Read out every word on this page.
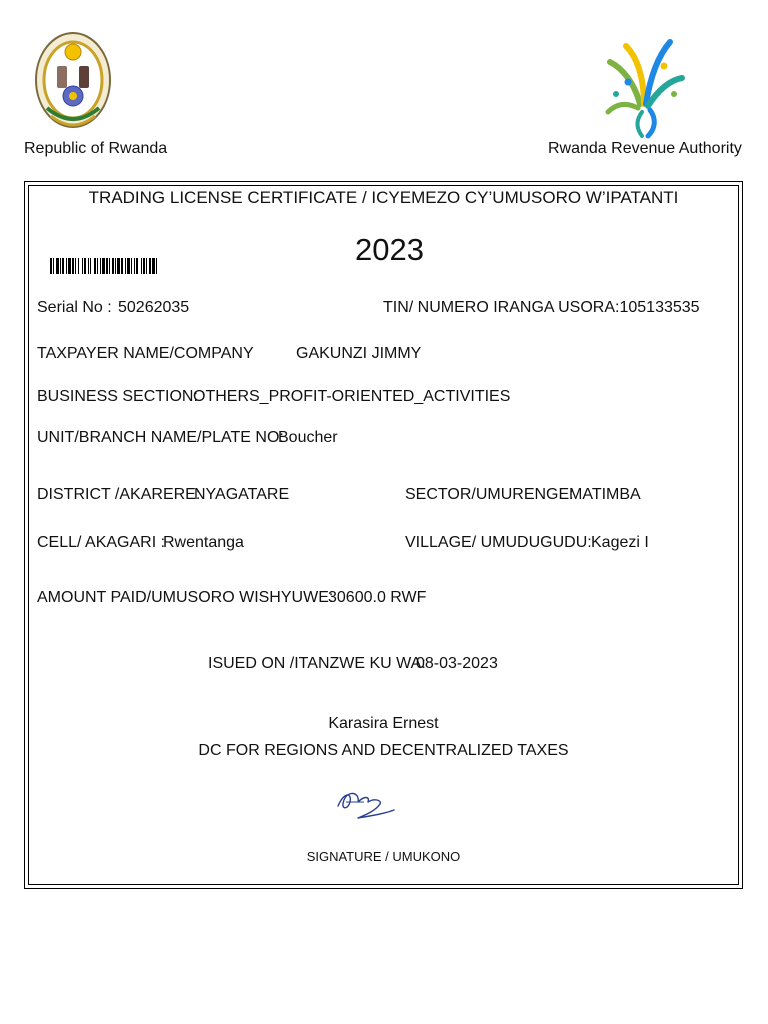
Republic of Rwanda	Rwanda Revenue Authority
TRADING LICENSE CERTIFICATE / ICYEMEZO CY’UMUSORO W’IPATANTI
2023
Serial No : 50262035	TIN/ NUMERO IRANGA USORA:105133535
TAXPAYER NAME/COMPANY	GAKUNZI JIMMY
BUSINESS SECTION:
OTHERS_PROFIT-ORIENTED_ACTIVITIES
UNIT/BRANCH NAME/PLATE NO:
Boucher
DISTRICT /AKARERE:
NYAGATARE	SECTOR/UMURENGE:
MATIMBA
CELL/ AKAGARI :
Rwentanga	VILLAGE/ UMUDUGUDU: Kagezi I
AMOUNT PAID/UMUSORO WISHYUWE:
30600.0 RWF
ISUED ON /ITANZWE KU WA:
08-03-2023
Karasira Ernest
DC FOR REGIONS AND DECENTRALIZED TAXES
SIGNATURE / UMUKONO
